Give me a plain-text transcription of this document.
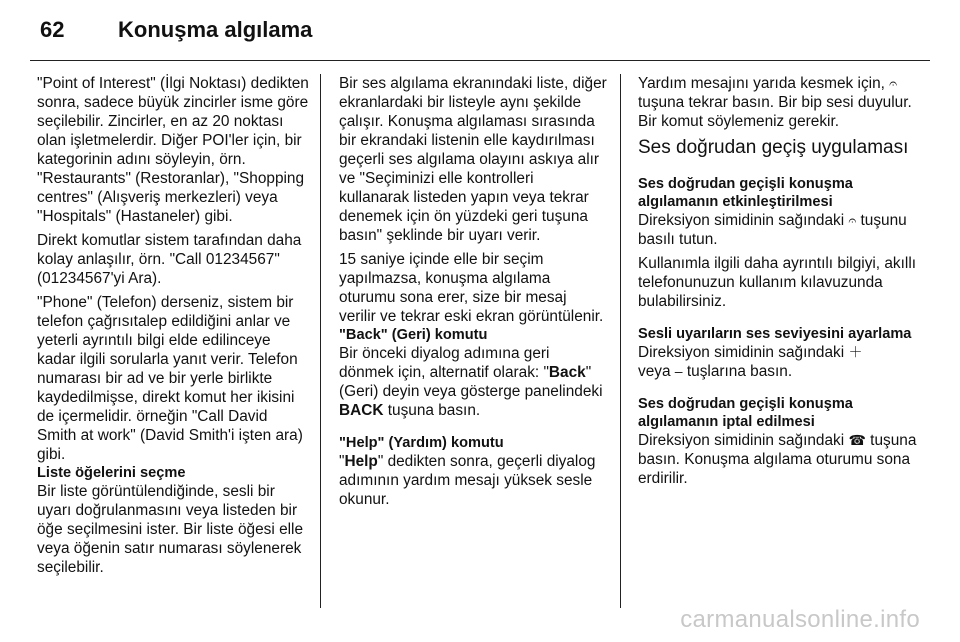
62	Konuşma algılama

"Point of Interest" (İlgi Noktası) dedikten sonra, sadece büyük zincirler isme göre seçilebilir. Zincirler, en az 20 noktası olan işletmelerdir. Diğer POI'ler için, bir kategorinin adını söyleyin, örn. "Restaurants" (Restoranlar), "Shopping centres" (Alışveriş merkezleri) veya "Hospitals" (Hastaneler) gibi.

Direkt komutlar sistem tarafından daha kolay anlaşılır, örn. "Call 01234567" (01234567'yi Ara).

"Phone" (Telefon) derseniz, sistem bir telefon çağrısıtalep edildiğini anlar ve yeterli ayrıntılı bilgi elde edilinceye kadar ilgili sorularla yanıt verir. Telefon numarası bir ad ve bir yerle birlikte kaydedilmişse, direkt komut her ikisini de içermelidir. örneğin "Call David Smith at work" (David Smith'i işten ara) gibi.

Liste öğelerini seçme

Bir liste görüntülendiğinde, sesli bir uyarı doğrulanmasını veya listeden bir öğe seçilmesini ister. Bir liste öğesi elle veya öğenin satır numarası söylenerek seçilebilir.

Bir ses algılama ekranındaki liste, diğer ekranlardaki bir listeyle aynı şekilde çalışır. Konuşma algılaması sırasında bir ekrandaki listenin elle kaydırılması geçerli ses algılama olayını askıya alır ve "Seçiminizi elle kontrolleri kullanarak listeden yapın veya tekrar denemek için ön yüzdeki geri tuşuna basın" şeklinde bir uyarı verir.

15 saniye içinde elle bir seçim yapılmazsa, konuşma algılama oturumu sona erer, size bir mesaj verilir ve tekrar eski ekran görüntülenir.

"Back" (Geri) komutu

Bir önceki diyalog adımına geri dönmek için, alternatif olarak: "Back" (Geri) deyin veya gösterge panelindeki BACK tuşuna basın.

"Help" (Yardım) komutu

"Help" dedikten sonra, geçerli diyalog adımının yardım mesajı yüksek sesle okunur.

Yardım mesajını yarıda kesmek için, 𝄐 tuşuna tekrar basın. Bir bip sesi duyulur. Bir komut söylemeniz gerekir.

Ses doğrudan geçiş uygulaması
Ses doğrudan geçişli konuşma algılamanın etkinleştirilmesi

Direksiyon simidinin sağındaki 𝄐 tuşunu basılı tutun.

Kullanımla ilgili daha ayrıntılı bilgiyi, akıllı telefonunuzun kullanım kılavuzunda bulabilirsiniz.

Sesli uyarıların ses seviyesini ayarlama

Direksiyon simidinin sağındaki ＋
veya – tuşlarına basın.

Ses doğrudan geçişli konuşma algılamanın iptal edilmesi

Direksiyon simidinin sağındaki ☎ tuşuna basın. Konuşma algılama oturumu sona erdirilir.

carmanualsonline.info
